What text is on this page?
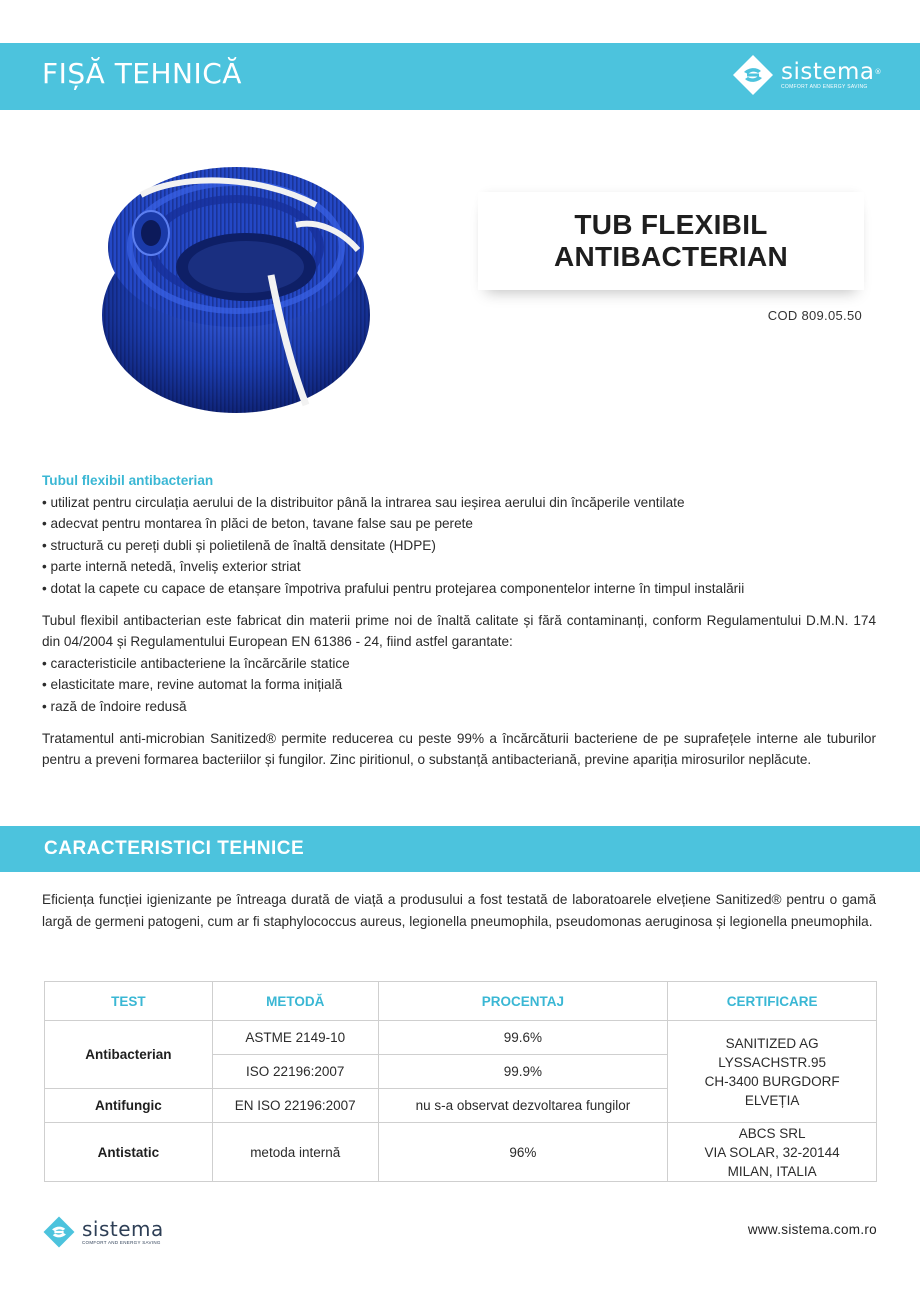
FIȘĂ TEHNICĂ	sistema®
COMFORT AND ENERGY SAVING
TUB FLEXIBIL
ANTIBACTERIAN
COD 809.05.50
Tubul flexibil antibacterian
• utilizat pentru circulația aerului de la distribuitor până la intrarea sau ieșirea aerului din încăperile ventilate
• adecvat pentru montarea în plăci de beton, tavane false sau pe perete
• structură cu pereți dubli și polietilenă de înaltă densitate (HDPE)
• parte internă netedă, înveliș exterior striat
• dotat la capete cu capace de etanșare împotriva prafului pentru protejarea componentelor interne în timpul instalării
Tubul flexibil antibacterian este fabricat din materii prime noi de înaltă calitate și fără contaminanți, conform Regulamentului D.M.N. 174 din 04/2004 și Regulamentului European EN 61386 - 24, fiind astfel garantate:
• caracteristicile antibacteriene la încărcările statice
• elasticitate mare, revine automat la forma inițială
• rază de îndoire redusă
Tratamentul anti-microbian Sanitized® permite reducerea cu peste 99% a încărcăturii bacteriene de pe suprafețele interne ale tuburilor pentru a preveni formarea bacteriilor și fungilor. Zinc piritionul, o substanță antibacteriană, previne apariția mirosurilor neplăcute.
CARACTERISTICI TEHNICE
Eficiența funcției igienizante pe întreaga durată de viață a produsului a fost testată de laboratoarele elvețiene Sanitized® pentru o gamă largă de germeni patogeni, cum ar fi staphylococcus aureus, legionella pneumophila, pseudomonas aeruginosa și legionella pneumophila.
TEST	METODĂ	PROCENTAJ	CERTIFICARE
Antibacterian	ASTME 2149-10	99.6%	SANITIZED AG
LYSSACHSTR.95
CH-3400 BURGDORF
ELVEȚIA

	ISO 22196:2007	99.9%	
Antifungic	EN ISO 22196:2007	nu s-a observat dezvoltarea fungilor	
Antistatic	metoda internă	96%	ABCS SRL
VIA SOLAR, 32-20144
MILAN, ITALIA
sistema
COMFORT AND ENERGY SAVING
www.sistema.com.ro
